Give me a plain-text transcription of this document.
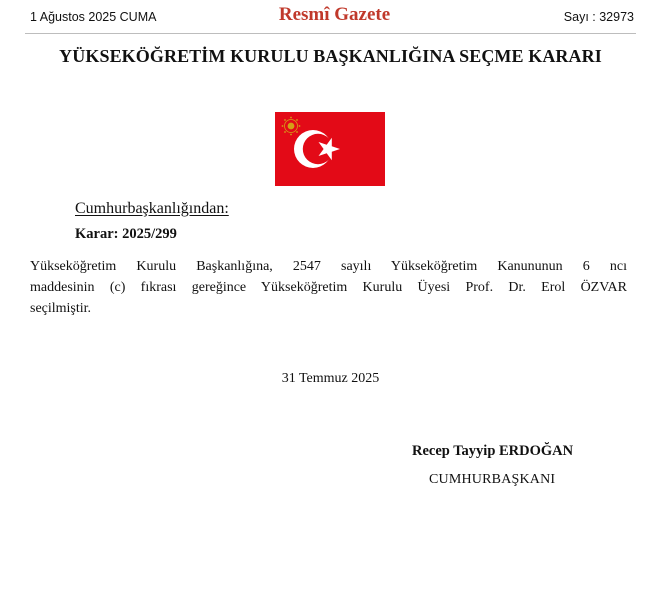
1 Ağustos 2025 CUMA	Resmî Gazete	Sayı : 32973
YÜKSEKÖĞRETİM KURULU BAŞKANLIĞINA SEÇME KARARI
Cumhurbaşkanlığından:
Karar: 2025/299
Yükseköğretim Kurulu Başkanlığına, 2547 sayılı Yükseköğretim Kanununun 6 ncı
maddesinin (c) fıkrası gereğince Yükseköğretim Kurulu Üyesi Prof. Dr. Erol ÖZVAR
seçilmiştir.
31 Temmuz 2025
Recep Tayyip ERDOĞAN
CUMHURBAŞKANI
